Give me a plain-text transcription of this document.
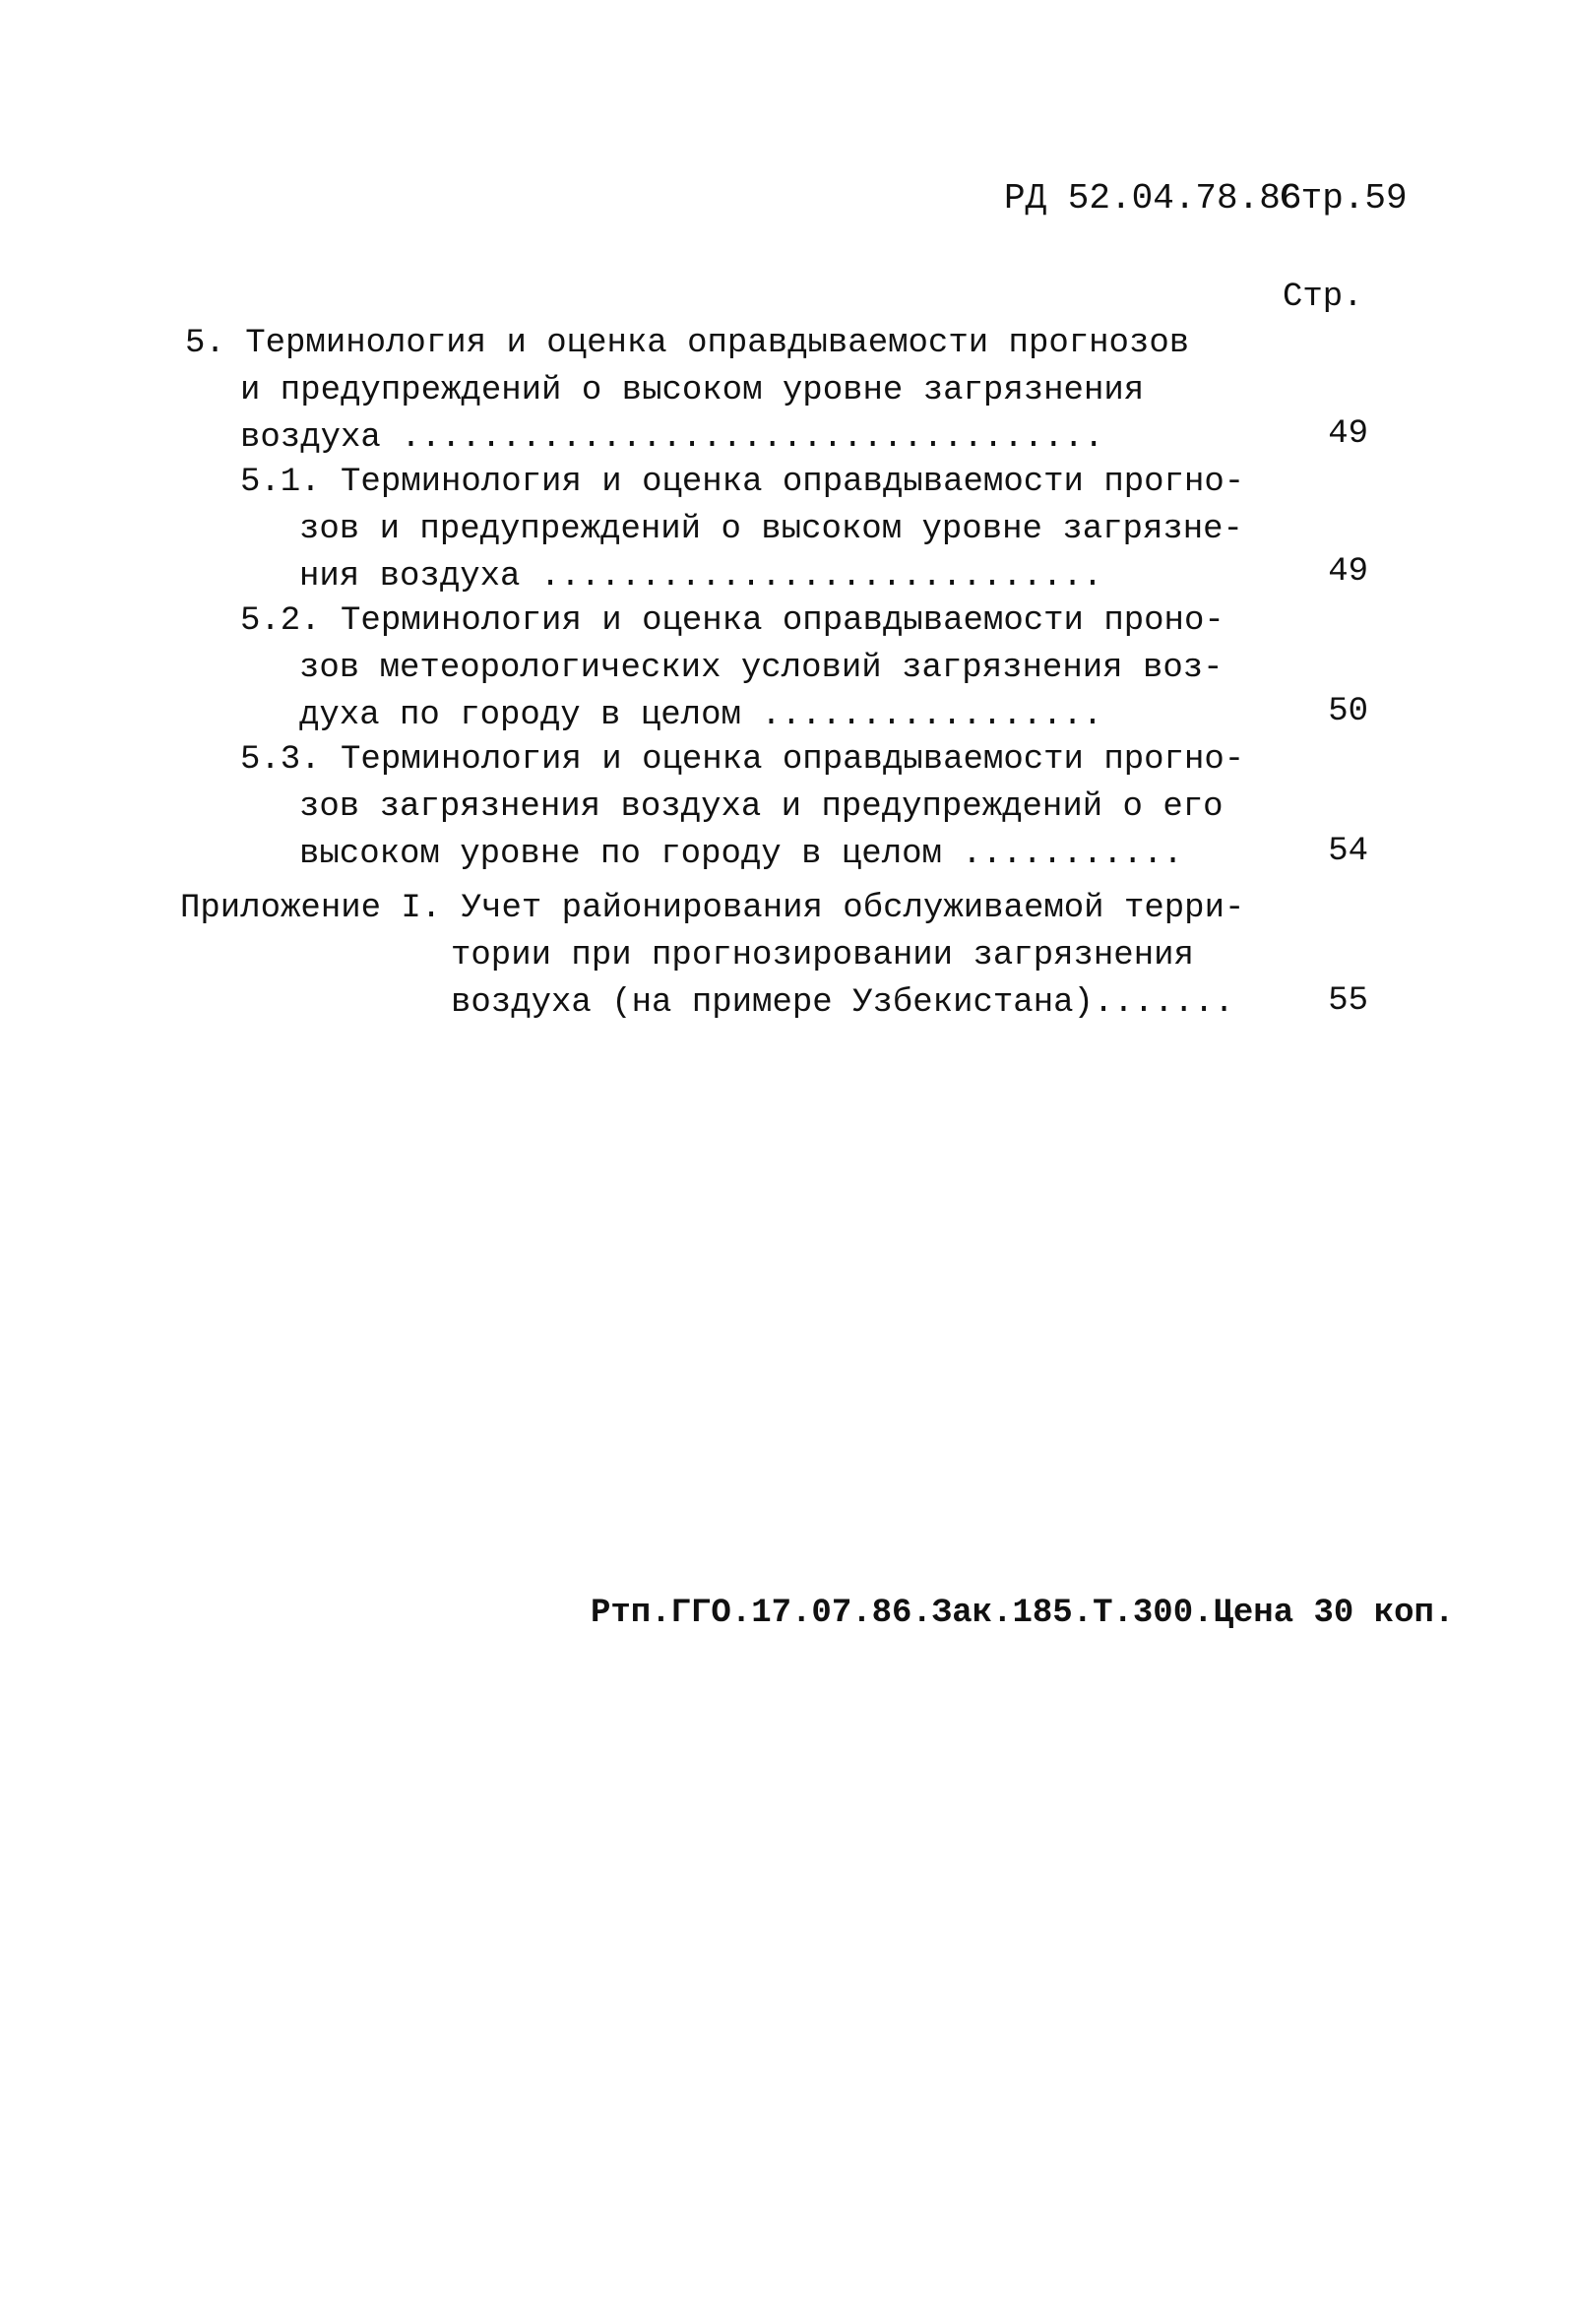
РД 52.04.78.86
Стр.59
Стр.
5. Терминология и оценка оправдываемости прогнозов
и предупреждений о высоком уровне загрязнения
воздуха ...................................	49
5.1. Терминология и оценка оправдываемости прогно-
зов и предупреждений о высоком уровне загрязне-
ния воздуха ............................	49
5.2. Терминология и оценка оправдываемости проно-
зов метеорологических условий загрязнения воз-
духа по городу в целом .................	50
5.3. Терминология и оценка оправдываемости прогно-
зов загрязнения воздуха и предупреждений о его
высоком уровне по городу в целом ...........	54
Приложение I. Учет районирования обслуживаемой терри-
тории при прогнозировании загрязнения
воздуха (на примере Узбекистана).......	55
Ртп.ГГО.17.07.86.Зак.185.Т.300.Цена 30 коп.
